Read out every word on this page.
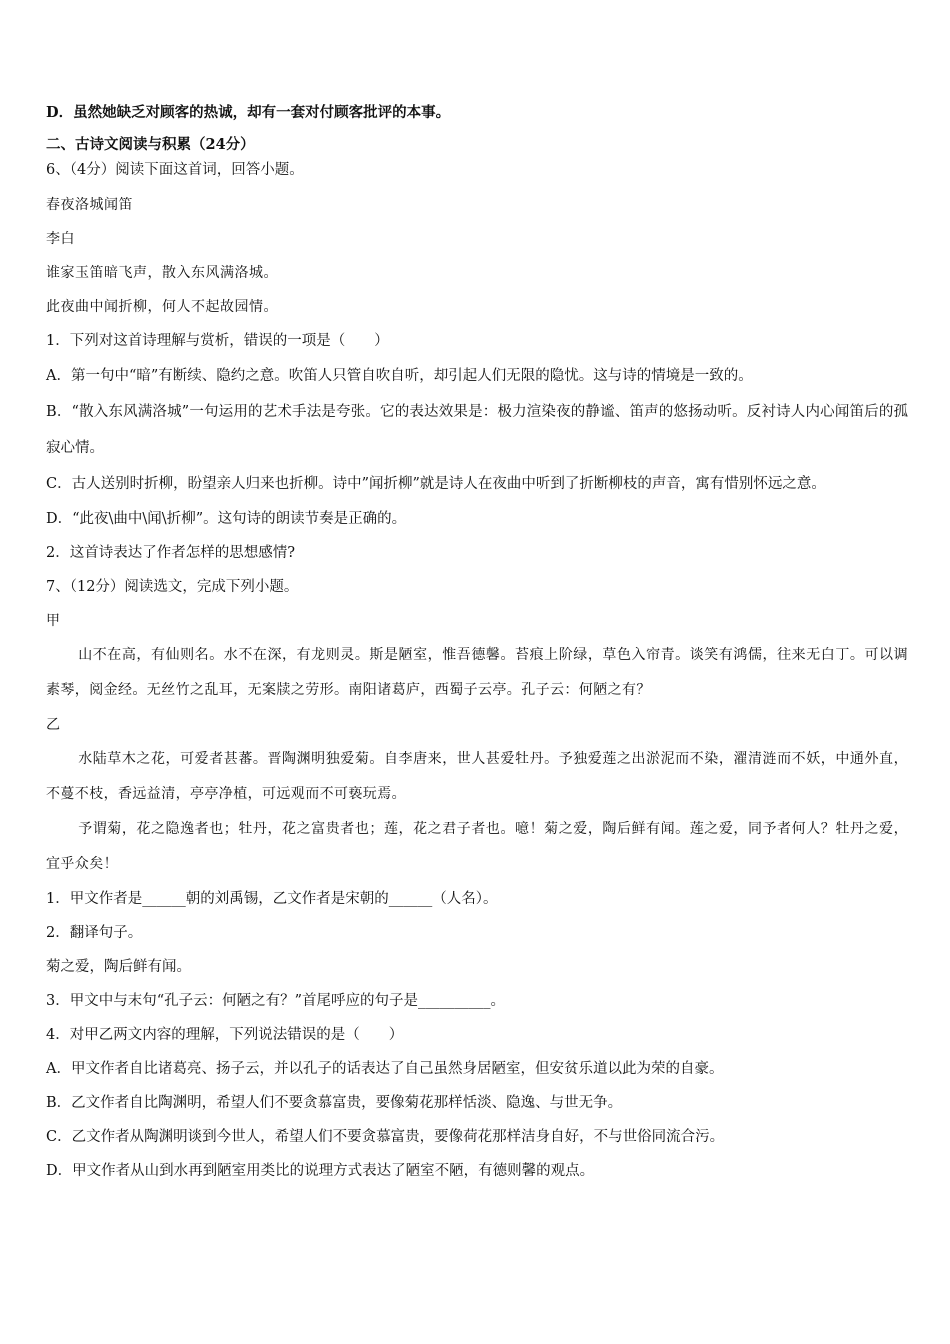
D．虽然她缺乏对顾客的热诚，却有一套对付顾客批评的本事。

二、古诗文阅读与积累（24分）

6、（4分）阅读下面这首词，回答小题。

春夜洛城闻笛

李白

谁家玉笛暗飞声，散入东风满洛城。

此夜曲中闻折柳，何人不起故园情。

1．下列对这首诗理解与赏析，错误的一项是（　　）

A．第一句中“暗”有断续、隐约之意。吹笛人只管自吹自听，却引起人们无限的隐忧。这与诗的情境是一致的。

B．“散入东风满洛城”一句运用的艺术手法是夸张。它的表达效果是：极力渲染夜的静谧、笛声的悠扬动听。反衬诗人内心闻笛后的孤寂心情。

C．古人送别时折柳，盼望亲人归来也折柳。诗中”闻折柳”就是诗人在夜曲中听到了折断柳枝的声音，寓有惜别怀远之意。

D．“此夜\曲中\闻\折柳”。这句诗的朗读节奏是正确的。

2．这首诗表达了作者怎样的思想感情?

7、（12分）阅读选文，完成下列小题。

甲

山不在高，有仙则名。水不在深，有龙则灵。斯是陋室，惟吾德馨。苔痕上阶绿，草色入帘青。谈笑有鸿儒，往来无白丁。可以调素琴，阅金经。无丝竹之乱耳，无案牍之劳形。南阳诸葛庐，西蜀子云亭。孔子云：何陋之有？

乙

水陆草木之花，可爱者甚蕃。晋陶渊明独爱菊。自李唐来，世人甚爱牡丹。予独爱莲之出淤泥而不染，濯清涟而不妖，中通外直，不蔓不枝，香远益清，亭亭净植，可远观而不可亵玩焉。

予谓菊，花之隐逸者也；牡丹，花之富贵者也；莲，花之君子者也。噫！菊之爱，陶后鲜有闻。莲之爱，同予者何人？牡丹之爱，宜乎众矣！

1．甲文作者是______朝的刘禹锡，乙文作者是宋朝的______（人名）。

2．翻译句子。

菊之爱，陶后鲜有闻。

3．甲文中与末句“孔子云：何陋之有？”首尾呼应的句子是__________。

4．对甲乙两文内容的理解，下列说法错误的是（　　）

A．甲文作者自比诸葛亮、扬子云，并以孔子的话表达了自己虽然身居陋室，但安贫乐道以此为荣的自豪。

B．乙文作者自比陶渊明，希望人们不要贪慕富贵，要像菊花那样恬淡、隐逸、与世无争。

C．乙文作者从陶渊明谈到今世人，希望人们不要贪慕富贵，要像荷花那样洁身自好，不与世俗同流合污。

D．甲文作者从山到水再到陋室用类比的说理方式表达了陋室不陋，有德则馨的观点。
